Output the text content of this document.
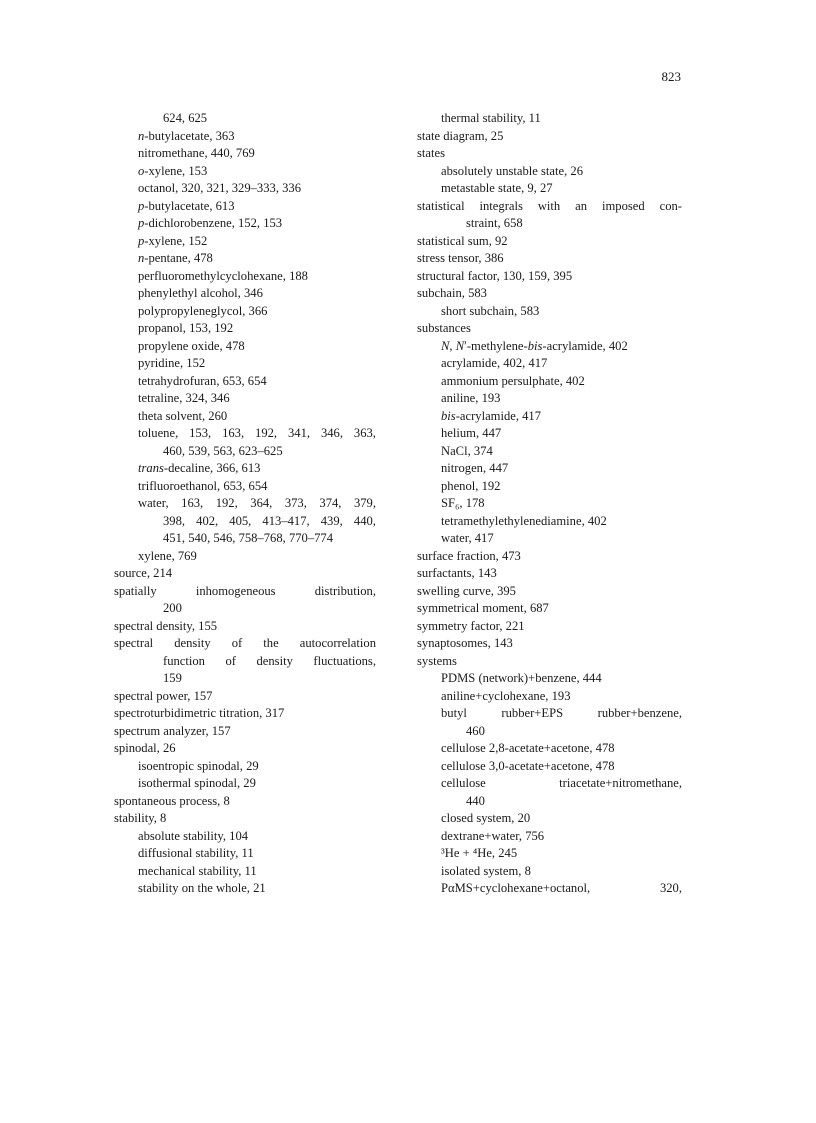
823
624, 625
n-butylacetate, 363
nitromethane, 440, 769
o-xylene, 153
octanol, 320, 321, 329–333, 336
p-butylacetate, 613
p-dichlorobenzene, 152, 153
p-xylene, 152
n-pentane, 478
perfluoromethylcyclohexane, 188
phenylethyl alcohol, 346
polypropyleneglycol, 366
propanol, 153, 192
propylene oxide, 478
pyridine, 152
tetrahydrofuran, 653, 654
tetraline, 324, 346
theta solvent, 260
toluene, 153, 163, 192, 341, 346, 363,
460, 539, 563, 623–625
trans-decaline, 366, 613
trifluoroethanol, 653, 654
water, 163, 192, 364, 373, 374, 379,
398, 402, 405, 413–417, 439, 440,
451, 540, 546, 758–768, 770–774
xylene, 769
source, 214
spatially	inhomogeneous	distribution,
200
spectral density, 155
spectral density of the autocorrelation
function of density fluctuations,
159
spectral power, 157
spectroturbidimetric titration, 317
spectrum analyzer, 157
spinodal, 26
isoentropic spinodal, 29
isothermal spinodal, 29
spontaneous process, 8
stability, 8
absolute stability, 104
diffusional stability, 11
mechanical stability, 11
stability on the whole, 21
thermal stability, 11
state diagram, 25
states
absolutely unstable state, 26
metastable state, 9, 27
statistical integrals with an imposed con-
straint, 658
statistical sum, 92
stress tensor, 386
structural factor, 130, 159, 395
subchain, 583
short subchain, 583
substances
N, N′-methylene-bis-acrylamide, 402
acrylamide, 402, 417
ammonium persulphate, 402
aniline, 193
bis-acrylamide, 417
helium, 447
NaCl, 374
nitrogen, 447
phenol, 192
SF₆, 178
tetramethylethylenediamine, 402
water, 417
surface fraction, 473
surfactants, 143
swelling curve, 395
symmetrical moment, 687
symmetry factor, 221
synaptosomes, 143
systems
PDMS (network)+benzene, 444
aniline+cyclohexane, 193
butyl	rubber+EPS	rubber+benzene,
460
cellulose 2,8-acetate+acetone, 478
cellulose 3,0-acetate+acetone, 478
cellulose	triacetate+nitromethane,
440
closed system, 20
dextrane+water, 756
³He + ⁴He, 245
isolated system, 8
PαMS+cyclohexane+octanol,	320,
